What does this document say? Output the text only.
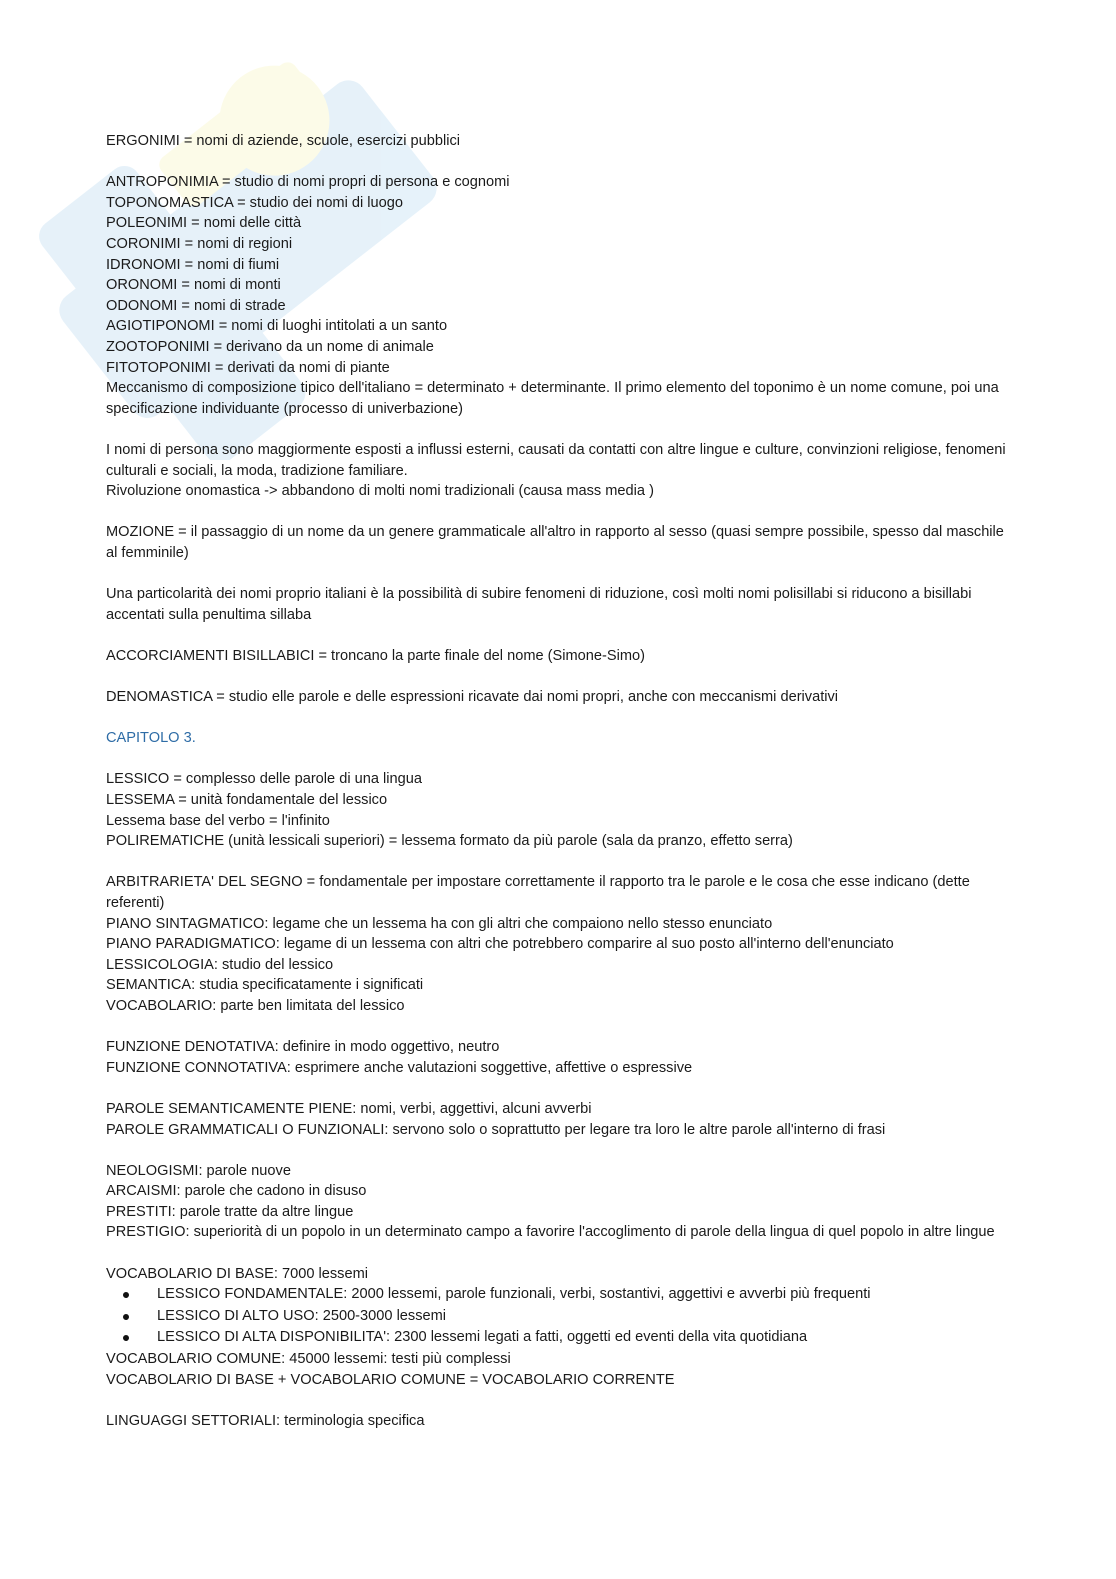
ERGONIMI = nomi di aziende, scuole, esercizi pubblici

ANTROPONIMIA = studio di nomi propri di persona e cognomi

TOPONOMASTICA = studio dei nomi di luogo

POLEONIMI = nomi delle città

CORONIMI = nomi di regioni

IDRONOMI = nomi di fiumi

ORONOMI = nomi di monti

ODONOMI = nomi di strade

AGIOTIPONOMI = nomi di luoghi intitolati a un santo

ZOOTOPONIMI = derivano da un nome di animale

FITOTOPONIMI = derivati da nomi di piante

Meccanismo di composizione tipico dell'italiano = determinato + determinante. Il primo elemento del toponimo è un nome comune, poi una specificazione individuante (processo di univerbazione)

I nomi di persona sono maggiormente esposti a influssi esterni, causati da contatti con altre lingue e culture, convinzioni religiose, fenomeni culturali e sociali, la moda, tradizione familiare.

Rivoluzione onomastica -> abbandono di molti nomi tradizionali (causa mass media )

MOZIONE = il passaggio di un nome da un genere grammaticale all'altro in rapporto al sesso (quasi sempre possibile, spesso dal maschile al femminile)

Una particolarità dei nomi proprio italiani è la possibilità di subire fenomeni di riduzione, così molti nomi polisillabi si riducono a bisillabi accentati sulla penultima sillaba

ACCORCIAMENTI BISILLABICI = troncano la parte finale del nome (Simone-Simo)

DENOMASTICA = studio elle parole e delle espressioni ricavate dai nomi propri, anche con meccanismi derivativi

CAPITOLO 3.

LESSICO = complesso delle parole di una lingua

LESSEMA = unità fondamentale del lessico

Lessema base del verbo = l'infinito

POLIREMATICHE (unità lessicali superiori) = lessema formato da più parole (sala da pranzo, effetto serra)

ARBITRARIETA' DEL SEGNO = fondamentale per impostare correttamente il rapporto tra le parole e le cosa che esse indicano (dette referenti)

PIANO SINTAGMATICO: legame che un lessema ha con gli altri che compaiono nello stesso enunciato

PIANO PARADIGMATICO: legame di un lessema con altri che potrebbero comparire al suo posto all'interno dell'enunciato

LESSICOLOGIA: studio del lessico

SEMANTICA: studia specificatamente i significati

VOCABOLARIO: parte ben limitata del lessico

FUNZIONE DENOTATIVA: definire in modo oggettivo, neutro

FUNZIONE CONNOTATIVA: esprimere anche valutazioni soggettive, affettive o espressive

PAROLE SEMANTICAMENTE PIENE: nomi, verbi, aggettivi, alcuni avverbi

PAROLE GRAMMATICALI O FUNZIONALI: servono solo o soprattutto per legare tra loro le altre parole all'interno di frasi

NEOLOGISMI: parole nuove

ARCAISMI: parole che cadono in disuso

PRESTITI: parole tratte da altre lingue

PRESTIGIO: superiorità di un popolo in un determinato campo a favorire l'accoglimento di parole della lingua di quel popolo in altre lingue

VOCABOLARIO DI BASE: 7000 lessemi

LESSICO FONDAMENTALE: 2000 lessemi, parole funzionali, verbi, sostantivi, aggettivi e avverbi più frequenti
LESSICO DI ALTO USO: 2500-3000 lessemi
LESSICO DI ALTA DISPONIBILITA': 2300 lessemi legati a fatti, oggetti ed eventi della vita quotidiana

VOCABOLARIO COMUNE: 45000 lessemi: testi più complessi

VOCABOLARIO DI BASE + VOCABOLARIO COMUNE = VOCABOLARIO CORRENTE

LINGUAGGI SETTORIALI: terminologia specifica
